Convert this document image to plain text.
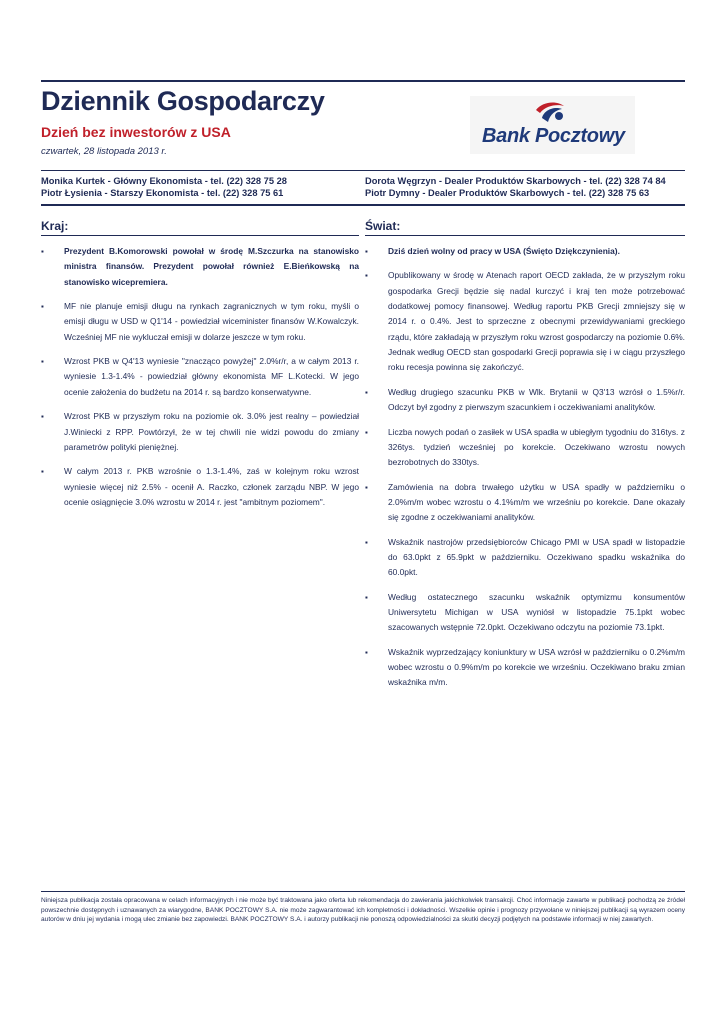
Dziennik Gospodarczy
Dzień bez inwestorów z USA
czwartek, 28 listopada 2013 r.
Bank Pocztowy
Monika Kurtek - Główny Ekonomista - tel. (22) 328 75 28
Piotr Łysienia - Starszy Ekonomista - tel. (22) 328 75 61
Dorota Węgrzyn - Dealer Produktów Skarbowych - tel. (22) 328 74 84
Piotr Dymny - Dealer Produktów Skarbowych - tel. (22) 328 75 63
Kraj:	Świat:
▪ Prezydent B.Komorowski powołał w środę M.Szczurka na stanowisko ministra finansów. Prezydent powołał również E.Bieńkowską na stanowisko wicepremiera.
▪ MF nie planuje emisji długu na rynkach zagranicznych w tym roku, myśli o emisji długu w USD w Q1'14 - powiedział wiceminister finansów W.Kowalczyk. Wcześniej MF nie wykluczał emisji w dolarze jeszcze w tym roku.
▪ Wzrost PKB w Q4'13 wyniesie "znacząco powyżej" 2.0%r/r, a w całym 2013 r. wyniesie 1.3-1.4% - powiedział główny ekonomista MF L.Kotecki. W jego ocenie założenia do budżetu na 2014 r. są bardzo konserwatywne.
▪ Wzrost PKB w przyszłym roku na poziomie ok. 3.0% jest realny – powiedział J.Winiecki z RPP. Powtórzył, że w tej chwili nie widzi powodu do zmiany parametrów polityki pieniężnej.
▪ W całym 2013 r. PKB wzrośnie o 1.3-1.4%, zaś w kolejnym roku wzrost wyniesie więcej niż 2.5% - ocenił A. Raczko, członek zarządu NBP. W jego ocenie osiągnięcie 3.0% wzrostu w 2014 r. jest "ambitnym poziomem".
▪ Dziś dzień wolny od pracy w USA (Święto Dziękczynienia).
▪ Opublikowany w środę w Atenach raport OECD zakłada, że w przyszłym roku gospodarka Grecji będzie się nadal kurczyć i kraj ten może potrzebować dodatkowej pomocy finansowej. Według raportu PKB Grecji zmniejszy się w 2014 r. o 0.4%. Jest to sprzeczne z obecnymi przewidywaniami greckiego rządu, które zakładają w przyszłym roku wzrost gospodarczy na poziomie 0.6%. Jednak według OECD stan gospodarki Grecji poprawia się i w ciągu przyszłego roku recesja powinna się zakończyć.
▪ Według drugiego szacunku PKB w Wlk. Brytanii w Q3'13 wzrósł o 1.5%r/r. Odczyt był zgodny z pierwszym szacunkiem i oczekiwaniami analityków.
▪ Liczba nowych podań o zasiłek w USA spadła w ubiegłym tygodniu do 316tys. z 326tys. tydzień wcześniej po korekcie. Oczekiwano wzrostu nowych bezrobotnych do 330tys.
▪ Zamówienia na dobra trwałego użytku w USA spadły w październiku o 2.0%m/m wobec wzrostu o 4.1%m/m we wrześniu po korekcie. Dane okazały się zgodne z oczekiwaniami analityków.
▪ Wskaźnik nastrojów przedsiębiorców Chicago PMI w USA spadł w listopadzie do 63.0pkt z 65.9pkt w październiku. Oczekiwano spadku wskaźnika do 60.0pkt.
▪ Według ostatecznego szacunku wskaźnik optymizmu konsumentów Uniwersytetu Michigan w USA wyniósł w listopadzie 75.1pkt wobec szacowanych wstępnie 72.0pkt. Oczekiwano odczytu na poziomie 73.1pkt.
▪ Wskaźnik wyprzedzający koniunktury w USA wzrósł w październiku o 0.2%m/m wobec wzrostu o 0.9%m/m po korekcie we wrześniu. Oczekiwano braku zmian wskaźnika m/m.
Niniejsza publikacja została opracowana w celach informacyjnych i nie może być traktowana jako oferta lub rekomendacja do zawierania jakichkolwiek transakcji. Choć informacje zawarte w publikacji pochodzą ze źródeł powszechnie dostępnych i uznawanych za wiarygodne, BANK POCZTOWY S.A. nie może zagwarantować ich kompletności i dokładności. Wszelkie opinie i prognozy przywołane w niniejszej publikacji są wyrazem oceny autorów w dniu jej wydania i mogą ulec zmianie bez zapowiedzi. BANK POCZTOWY S.A. i autorzy publikacji nie ponoszą odpowiedzialności za skutki decyzji podjętych na podstawie informacji w niej zawartych.
